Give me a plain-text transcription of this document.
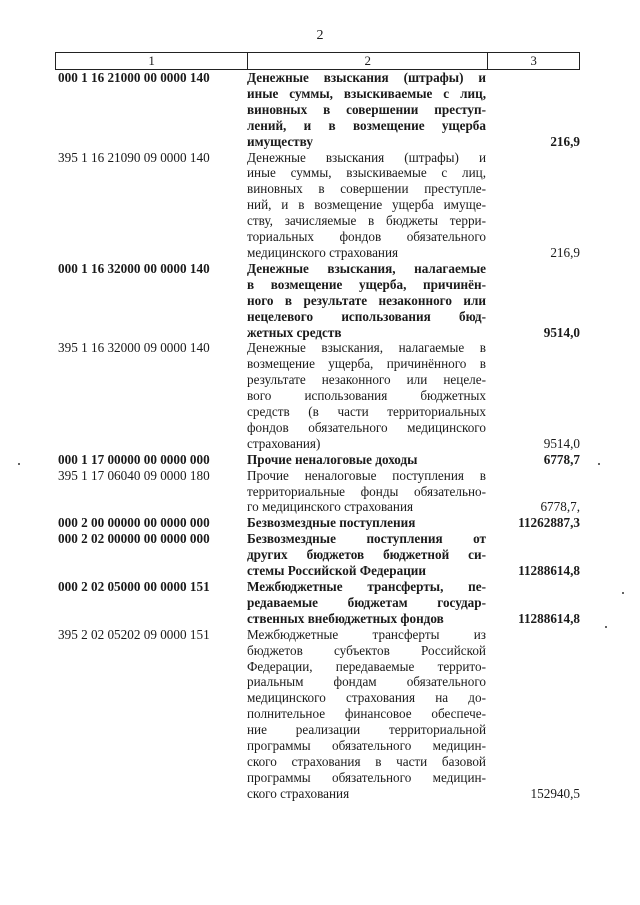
2
1	2	3
000 1 16 21000 00 0000 140	Денежные взыскания (штрафы) и
иные суммы, взыскиваемые с лиц,
виновных в совершении преступ-
лений, и в возмещение ущерба
имуществу	216,9
395 1 16 21090 09 0000 140	Денежные взыскания (штрафы) и
иные суммы, взыскиваемые с лиц,
виновных в совершении преступле-
ний, и в возмещение ущерба имуще-
ству, зачисляемые в бюджеты терри-
ториальных фондов обязательного
медицинского страхования	216,9
000 1 16 32000 00 0000 140	Денежные взыскания, налагаемые
в возмещение ущерба, причинён-
ного в результате незаконного или
нецелевого использования бюд-
жетных средств	9514,0
395 1 16 32000 09 0000 140	Денежные взыскания, налагаемые в
возмещение ущерба, причинённого в
результате незаконного или нецеле-
вого использования бюджетных
средств (в части территориальных
фондов обязательного медицинского
страхования)	9514,0
000 1 17 00000 00 0000 000	Прочие неналоговые доходы	6778,7
395 1 17 06040 09 0000 180	Прочие неналоговые поступления в
территориальные фонды обязательно-
го медицинского страхования	6778,7,
000 2 00 00000 00 0000 000	Безвозмездные поступления	11262887,3
000 2 02 00000 00 0000 000	Безвозмездные поступления от
других бюджетов бюджетной си-
стемы Российской Федерации	11288614,8
000 2 02 05000 00 0000 151	Межбюджетные трансферты, пе-
редаваемые бюджетам государ-
ственных внебюджетных фондов	11288614,8
395 2 02 05202 09 0000 151	Межбюджетные трансферты из
бюджетов субъектов Российской
Федерации, передаваемые террито-
риальным фондам обязательного
медицинского страхования на до-
полнительное финансовое обеспече-
ние реализации территориальной
программы обязательного медицин-
ского страхования в части базовой
программы обязательного медицин-
ского страхования	152940,5
